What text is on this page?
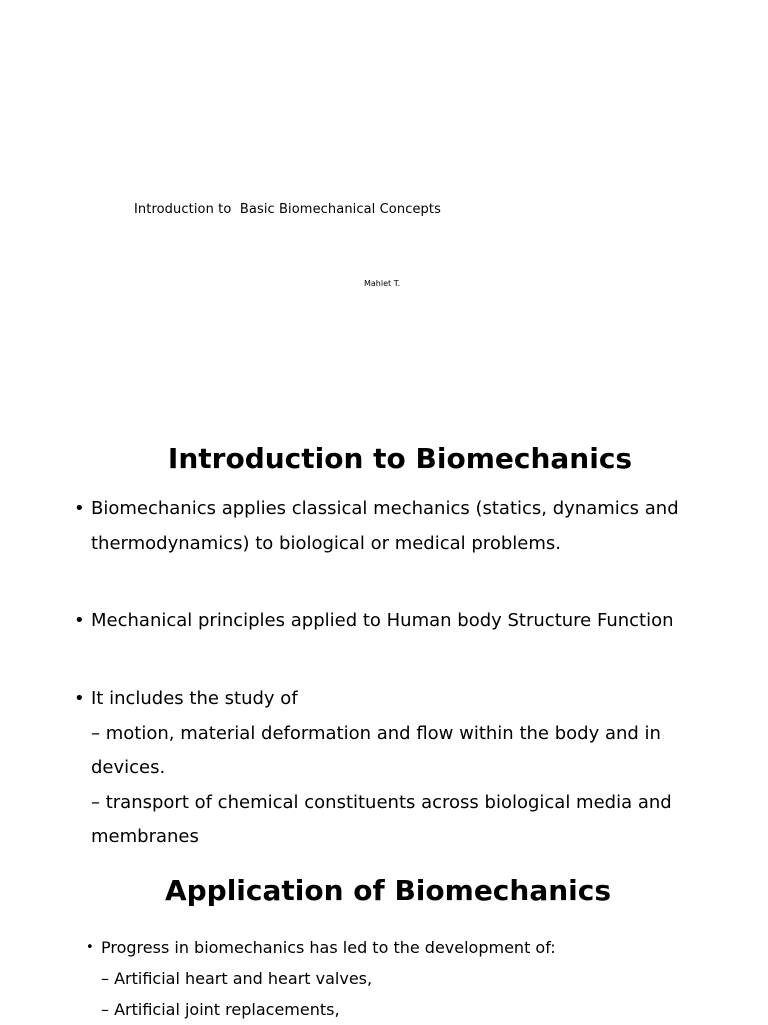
Introduction to  Basic Biomechanical Concepts
Mahlet T.
Introduction to Biomechanics
• Biomechanics applies classical mechanics (statics, dynamics and thermodynamics) to biological or medical problems.
• Mechanical principles applied to Human body Structure Function
• It includes the study of
– motion, material deformation and flow within the body and in devices.
– transport of chemical constituents across biological media and membranes
Application of Biomechanics
• Progress in biomechanics has led to the development of:
– Artificial heart and heart valves,
– Artificial joint replacements,
